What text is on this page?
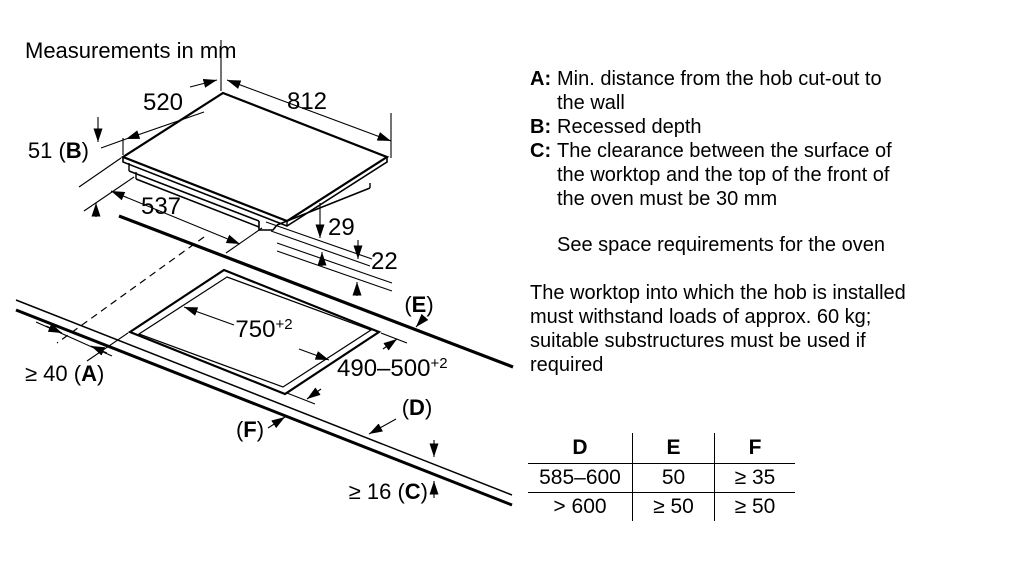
Measurements in mm
520	812
51 (B)
537
29
22
$750^{+2}$
$490-500^{+2}$
≥ 40 (A)
≥ 16 (C)
(E)
(D)
(F)
A: Min. distance from the hob cut-out to
the wall
B: Recessed depth
C: The clearance between the surface of
the worktop and the top of the front of
the oven must be 30 mm
See space requirements for the oven
The worktop into which the hob is installed
must withstand loads of approx. 60 kg;
suitable substructures must be used if
required
D	E	F
585–600	50	≥ 35
> 600	≥ 50	≥ 50
